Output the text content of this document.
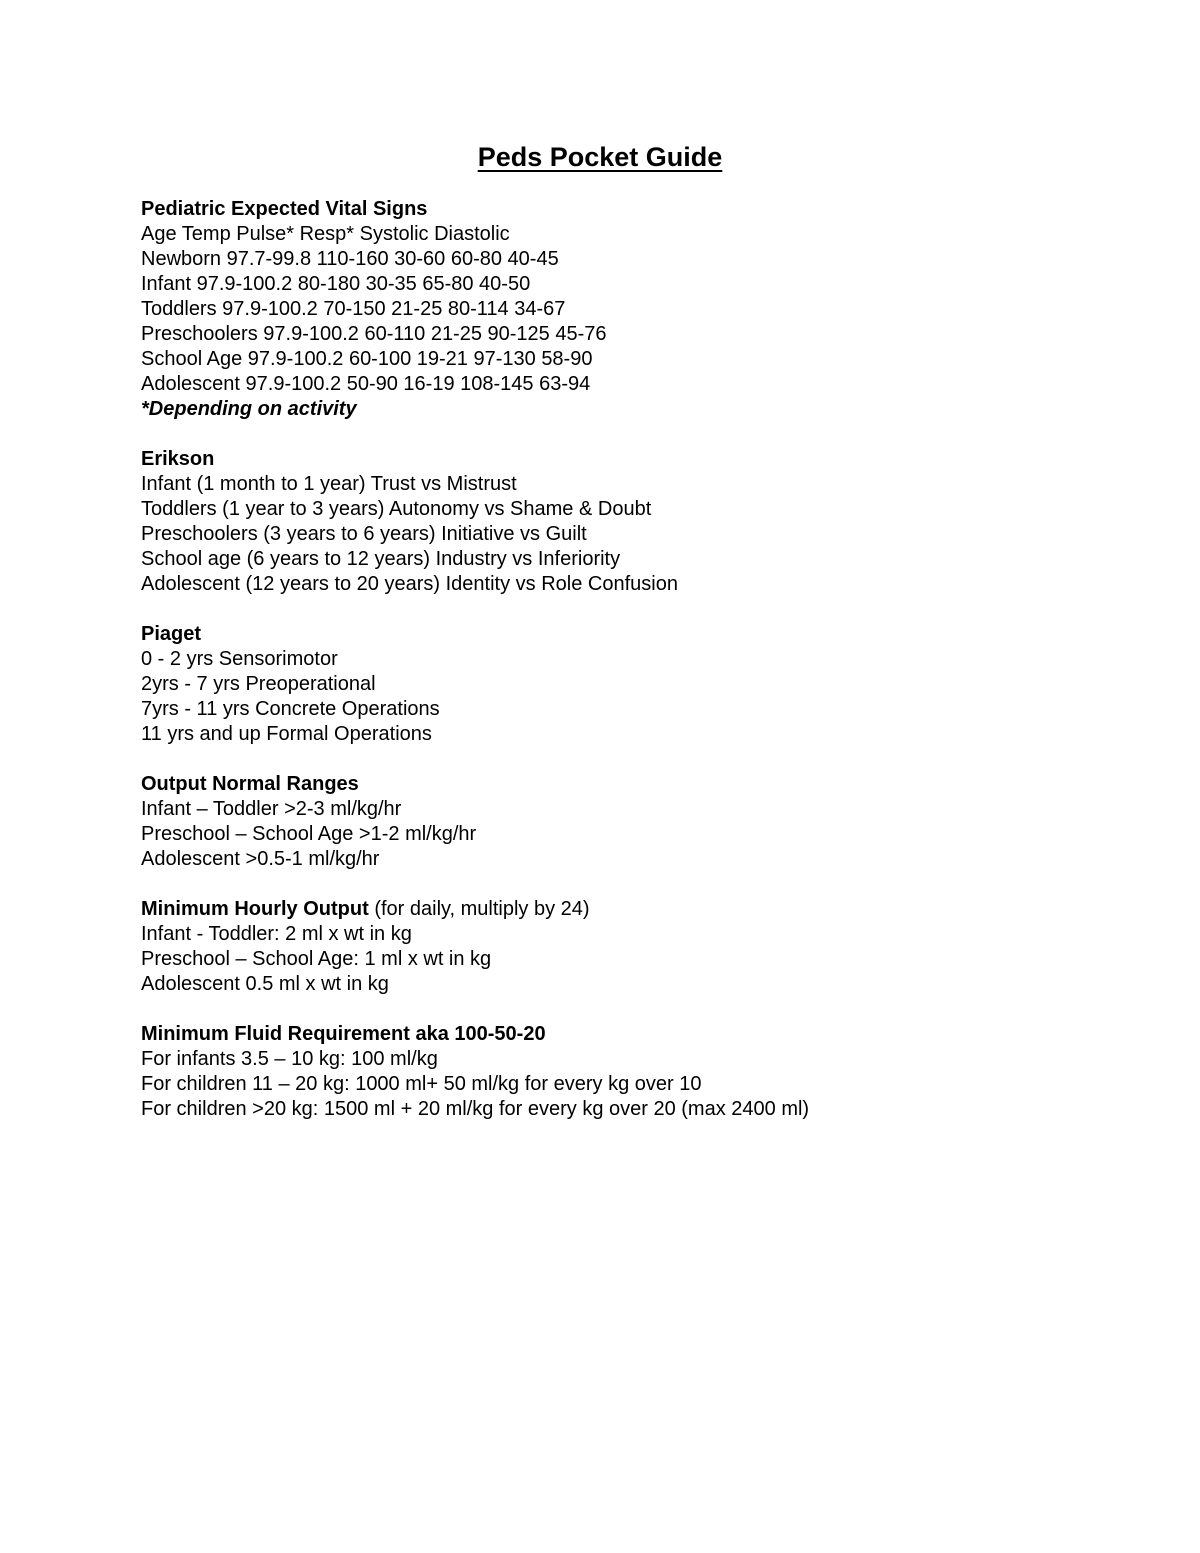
Peds Pocket Guide

Pediatric Expected Vital Signs

Age Temp Pulse* Resp* Systolic Diastolic

Newborn 97.7-99.8 110-160 30-60 60-80 40-45

Infant 97.9-100.2 80-180 30-35 65-80 40-50

Toddlers 97.9-100.2 70-150 21-25 80-114 34-67

Preschoolers 97.9-100.2 60-110 21-25 90-125 45-76

School Age 97.9-100.2 60-100 19-21 97-130 58-90

Adolescent 97.9-100.2 50-90 16-19 108-145 63-94

*Depending on activity

Erikson

Infant (1 month to 1 year) Trust vs Mistrust

Toddlers (1 year to 3 years) Autonomy vs Shame & Doubt

Preschoolers (3 years to 6 years) Initiative vs Guilt

School age (6 years to 12 years) Industry vs Inferiority

Adolescent (12 years to 20 years) Identity vs Role Confusion

Piaget

0 - 2 yrs Sensorimotor

2yrs - 7 yrs Preoperational

7yrs - 11 yrs Concrete Operations

11 yrs and up Formal Operations

Output Normal Ranges

Infant – Toddler >2-3 ml/kg/hr

Preschool – School Age >1-2 ml/kg/hr

Adolescent >0.5-1 ml/kg/hr

Minimum Hourly Output (for daily, multiply by 24)

Infant - Toddler: 2 ml x wt in kg

Preschool – School Age: 1 ml x wt in kg

Adolescent 0.5 ml x wt in kg

Minimum Fluid Requirement aka 100-50-20

For infants 3.5 – 10 kg: 100 ml/kg

For children 11 – 20 kg: 1000 ml+ 50 ml/kg for every kg over 10

For children >20 kg: 1500 ml + 20 ml/kg for every kg over 20 (max 2400 ml)
